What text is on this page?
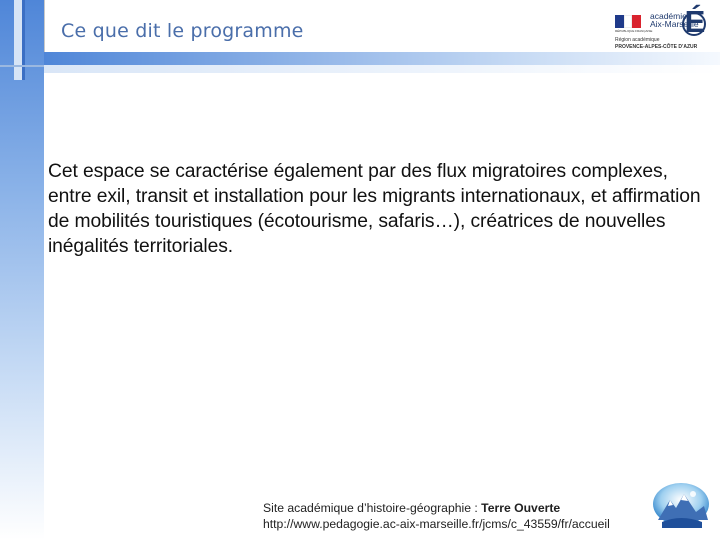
Ce que dit le programme	RÉPUBLIQUE FRANÇAISE
académie
Aix-Marseille
É
Région académique
PROVENCE-ALPES-CÔTE D’AZUR
Cet espace se caractérise également par des flux migratoires complexes, entre exil, transit et installation pour les migrants internationaux, et affirmation de mobilités touristiques (écotourisme, safaris…), créatrices de nouvelles inégalités territoriales.
Site académique d’histoire-géographie : Terre Ouverte
http://www.pedagogie.ac-aix-marseille.fr/jcms/c_43559/fr/accueil
